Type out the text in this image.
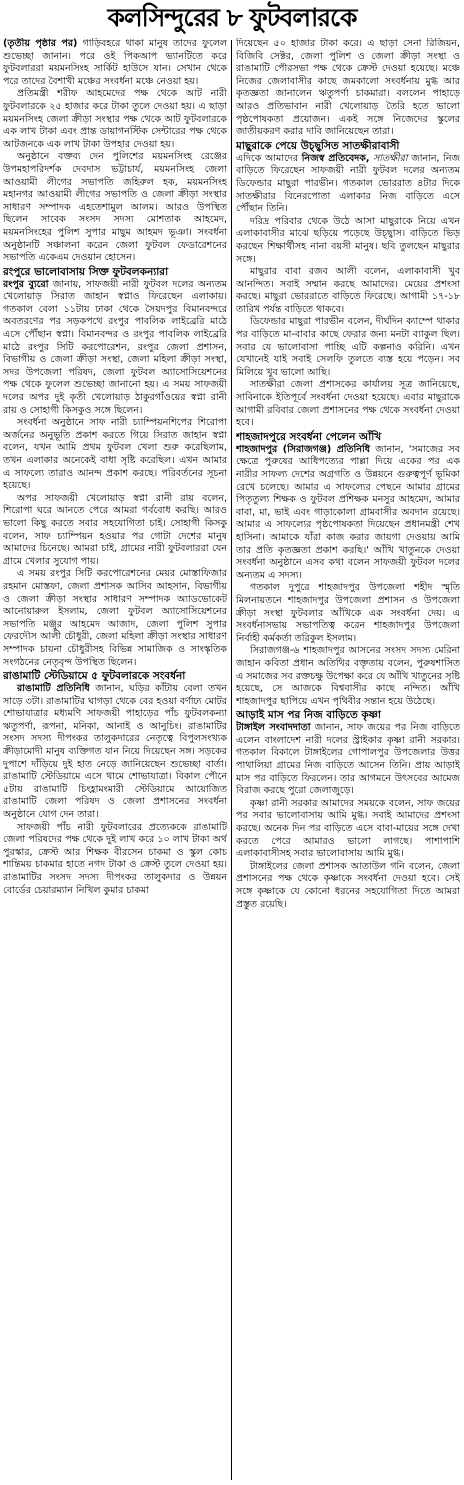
কলসিন্দুরের ৮ ফুটবলারকে

(তৃতীয় পৃষ্ঠার পর) গাড়িবহরে থাকা মানুষ তাদের ফুলেল শুভেচ্ছা জানান। পরে ওই পিকআপ ভ্যানটিতে করে ফুটবলাররা ময়মনসিংহ সার্কিট হাউসে যান। সেখান থেকে পরে তাদের বৈশাখী মঞ্চের সংবর্ধনা মঞ্চে নেওয়া হয়।

প্রতিমন্ত্রী শরীফ আহমেদের পক্ষ থেকে আট নারী ফুটবলারকে ২৫ হাজার করে টাকা তুলে দেওয়া হয়। এ ছাড়া ময়মনসিংহ জেলা ক্রীড়া সংস্থার পক্ষ থেকে আট ফুটবলারকে এক লাখ টাকা এবং প্রান্ত ডায়াগনস্টিক সেন্টারের পক্ষ থেকে আটজনকে এক লাখ টাকা উপহার দেওয়া হয়।

অনুষ্ঠানে বক্তব্য দেন পুলিশের ময়মনসিংহ রেঞ্জের উপমহাপরিদর্শক দেবদাস ভট্টাচার্য, ময়মনসিংহ জেলা আওয়ামী লীগের সভাপতি জহিরুল হক, ময়মনসিংহ মহানগর আওয়ামী লীগের সভাপতি ও জেলা ক্রীড়া সংস্থার সাধারণ সম্পাদক এহতেশামুল আলম। আরও উপস্থিত ছিলেন সাবেক সংসদ সদস্য মোশতাক আহমেদ, ময়মনসিংহের পুলিশ সুপার মাছুম আহমদ ভূঞা। সংবর্ধনা অনুষ্ঠানটি সঞ্চালনা করেন জেলা ফুটবল ফেডারেশনের সভাপতি একেএম দেওয়ান হোসেন।

রংপুরে ভালোবাসায় সিক্ত ফুটবলকন্যারা

রংপুর ব্যুরো জানায়, সাফজয়ী নারী ফুটবল দলের অন্যতম খেলোয়াড় সিরাত জাহান স্বপ্নাও ফিরেছেন এলাকায়। গতকাল বেলা ১১টায় ঢাকা থেকে সৈয়দপুর বিমানবন্দরে অবতরণের পর সড়কপথে রংপুর পাবলিক লাইব্রেরি মাঠে এসে পৌঁছান স্বপ্না। বিমানবন্দর ও রংপুর পাবলিক লাইব্রেরি মাঠে রংপুর সিটি করপোরেশন, রংপুর জেলা প্রশাসন, বিভাগীয় ও জেলা ক্রীড়া সংস্থা, জেলা মহিলা ক্রীড়া সংস্থা, সদর উপজেলা পরিষদ, জেলা ফুটবল অ্যাসোসিয়েশনের পক্ষ থেকে ফুলেল শুভেচ্ছা জানানো হয়। এ সময় সাফজয়ী দলের অপর দুই কৃতী খেলোয়াড় ঠাকুরগাঁওয়ের স্বপ্না রানী রায় ও সোহাগী কিসকুও সঙ্গে ছিলেন।

সংবর্ধনা অনুষ্ঠানে সাফ নারী চ্যাম্পিয়নশিপের শিরোপা অর্জনের অনুভূতি প্রকাশ করতে গিয়ে সিরাত জাহান স্বপ্না বলেন, যখন আমি প্রথম ফুটবল খেলা শুরু করেছিলাম, তখন এলাকার অনেকেই বাধা সৃষ্টি করেছিল। এখন আমার এ সাফল্যে তারাও আনন্দ প্রকাশ করছে। পরিবর্তনের সূচনা হয়েছে।

অপর সাফজয়ী খেলোয়াড় স্বপ্না রানী রায় বলেন, শিরোপা ঘরে আনতে পেরে আমরা গর্ববোধ করছি। আরও ভালো কিছু করতে সবার সহযোগিতা চাই। সোহাগী কিসকু বলেন, সাফ চ্যাম্পিয়ন হওয়ার পর গোটা দেশের মানুষ আমাদের চিনেছে। আমরা চাই, গ্রামের নারী ফুটবলাররা যেন গ্রামে খেলার সুযোগ পায়।

এ সময় রংপুর সিটি করপোরেশনের মেয়র মোস্তাফিজার রহমান মোস্তফা, জেলা প্রশাসক আসিব আহসান, বিভাগীয় ও জেলা ক্রীড়া সংস্থার সাধারণ সম্পাদক অ্যাডভোকেট আনোয়ারুল ইসলাম, জেলা ফুটবল অ্যাসোসিয়েশনের সভাপতি মঞ্জুর আহমেদ আজাদ, জেলা পুলিশ সুপার ফেরদৌস আলী চৌধুরী, জেলা মহিলা ক্রীড়া সংস্থার সাধারণ সম্পাদক চায়না চৌধুরীসহ বিভিন্ন সামাজিক ও সাংস্কৃতিক সংগঠনের নেতৃবৃন্দ উপস্থিত ছিলেন।

রাঙামাটি স্টেডিয়ামে ৫ ফুটবলারকে সংবর্ধনা

রাঙামাটি প্রতিনিধি জানান, ঘড়ির কাঁটায় বেলা তখন সাড়ে ৩টা। রাঙামাটির ঘাগড়া থেকে বের হওয়া বর্ণাঢ্য মোটর শোভাযাত্রার মধ্যমণি সাফজয়ী পাহাড়ের পাঁচ ফুটবলকন্যা ঋতুপর্ণা, রূপনা, মনিকা, আনাই ও আনুচিং। রাঙামাটির সংসদ সদস্য দীপংকর তালুকদারের নেতৃত্বে বিপুলসংখ্যক ক্রীড়ামোদী মানুষ ব্যক্তিগত যান নিয়ে দিয়েছেন সঙ্গ। সড়কের দুপাশে দাঁড়িয়ে দুই হাত নেড়ে জানিয়েছেন শুভেচ্ছা বার্তা। রাঙামাটি স্টেডিয়ামে এসে থামে শোভাযাত্রা। বিকাল পৌনে ৫টায় রাঙামাটি চিংহ্লামংমারী স্টেডিয়ামে আয়োজিত রাঙামাটি জেলা পরিষদ ও জেলা প্রশাসনের সংবর্ধনা অনুষ্ঠানে যোগ দেন তারা।

সাফজয়ী পাঁচ নারী ফুটবলারের প্রত্যেককে রাঙামাটি জেলা পরিষদের পক্ষ থেকে দুই লাখ করে ১০ লাখ টাকা অর্থ পুরস্কার, ক্রেস্ট আর শিক্ষক বীরসেন চাকমা ও স্কুল কোচ শান্তিময় চাকমার হাতে নগদ টাকা ও ক্রেস্ট তুলে দেওয়া হয়। রাঙামাটির সংসদ সদস্য দীপংকর তালুকদার ও উন্নয়ন বোর্ডের চেয়ারম্যান নিখিল কুমার চাকমা

দিয়েছেন ৫০ হাজার টাকা করে। এ ছাড়া সেনা রিজিয়ন, বিজিবি সেক্টর, জেলা পুলিশ ও জেলা ক্রীড়া সংস্থা ও রাঙামাটি পৌরসভা পক্ষ থেকে ক্রেস্ট দেওয়া হয়েছে। মঞ্চে নিজের জেলাবাসীর কাছে জমকালো সংবর্ধনায় মুগ্ধ আর কৃতজ্ঞতা জানালেন ঋতুপর্ণা চাকমারা। বললেন পাহাড়ে আরও প্রতিভাবান নারী খেলোয়াড় তৈরি হতে ভালো পৃষ্ঠপোষকতা প্রয়োজন। একই সঙ্গে নিজেদের স্কুলের জাতীয়করণ করার দাবি জানিয়েছেন তারা।

মাছুরাকে পেয়ে উচ্ছ্বসিত সাতক্ষীরাবাসী

এদিকে আমাদের নিজস্ব প্রতিবেদক, সাতক্ষীরা জানান, নিজ বাড়িতে ফিরেছেন সাফজয়ী নারী ফুটবল দলের অন্যতম ডিফেন্ডার মাছুরা পারভীন। গতকাল ভোররাত ৪টার দিকে সাতক্ষীরার বিনেরপোতা এলাকার নিজ বাড়িতে এসে পৌঁছান তিনি।

দরিদ্র পরিবার থেকে উঠে আসা মাছুরাকে নিয়ে এখন এলাকাবাসীর মাঝে ছড়িয়ে পড়েছে উচ্ছ্বাস। বাড়িতে ভিড় করছেন শিক্ষার্থীসহ নানা বয়সী মানুষ। ছবি তুলছেন মাছুরার সঙ্গে।

মাছুরার বাবা রজব আলী বলেন, এলাকাবাসী খুব আনন্দিত। সবাই সম্মান করছে আমাদের। মেয়ের প্রশংসা করছে। মাছুরা ভোররাতে বাড়িতে ফিরেছে। আগামী ১৭-১৮ তারিখ পর্যন্ত বাড়িতে থাকবে।

ডিফেন্ডার মাছুরা পারভীন বলেন, দীর্ঘদিন ক্যাম্পে থাকার পর বাড়িতে মা-বাবার কাছে ফেরার জন্য মনটা ব্যাকুল ছিল। সবার যে ভালোবাসা পাচ্ছি এটি কল্পনাও করিনি। এখন যেখানেই যাই সবাই সেলফি তুলতে ব্যস্ত হয়ে পড়েন। সব মিলিয়ে খুব ভালো আছি।

সাতক্ষীরা জেলা প্রশাসকের কার্যালয় সূত্র জানিয়েছে, সাবিনাকে ইতিপূর্বে সংবর্ধনা দেওয়া হয়েছে। এবার মাছুরাকে আগামী রবিবার জেলা প্রশাসনের পক্ষ থেকে সংবর্ধনা দেওয়া হবে।

শাহজাদপুরে সংবর্ধনা পেলেন আঁখি

শাহজাদপুর (সিরাজগঞ্জ) প্রতিনিধি জানান, 'সমাজের সব ক্ষেত্রে পুরুষের আধিপত্যের পাল্লা দিয়ে একের পর এক নারীর সাফল্য দেশের অগ্রগতি ও উন্নয়নে গুরুত্বপূর্ণ ভূমিকা রেখে চলেছে। আমার এ সাফল্যের পেছনে আমার গ্রামের পিতৃতুল্য শিক্ষক ও ফুটবল প্রশিক্ষক মনসুর আহমেদ, আমার বাবা, মা, ভাই এবং গাড়াকোলা গ্রামবাসীর অবদান রয়েছে। আমার এ সাফল্যের পৃষ্ঠপোষকতা দিয়েছেন প্রধানমন্ত্রী শেখ হাসিনা। আমাকে যাঁরা কাজ করার জায়গা দেওয়ায় আমি তার প্রতি কৃতজ্ঞতা প্রকাশ করছি।' আঁখি খাতুনকে দেওয়া সংবর্ধনা অনুষ্ঠানে এসব কথা বলেন সাফজয়ী ফুটবল দলের অন্যতম এ সদস্য।

গতকাল দুপুরে শাহজাদপুর উপজেলা শহীদ স্মৃতি মিলনায়তনে শাহজাদপুর উপজেলা প্রশাসন ও উপজেলা ক্রীড়া সংস্থা ফুটবলার আঁখিকে এক সংবর্ধনা দেয়। এ সংবর্ধনাসভায় সভাপতিত্ব করেন শাহজাদপুর উপজেলা নির্বাহী কর্মকর্তা তরিকুল ইসলাম।

সিরাজগঞ্জ-৬ শাহজাদপুর আসনের সংসদ সদস্য মেরিনা জাহান কবিতা প্রধান অতিথির বক্তৃতায় বলেন, পুরুষশাসিত এ সমাজের সব রক্তচক্ষু উপেক্ষা করে যে আঁখি খাতুনের সৃষ্টি হয়েছে, সে আজকে বিশ্ববাসীর কাছে নন্দিত। আঁখি শাহজাদপুর ছাপিয়ে এখন পৃথিবীর সন্তান হয়ে উঠেছে।

আড়াই মাস পর নিজ বাড়িতে কৃষ্ণা

টাঙ্গাইল সংবাদদাতা জানান, সাফ জয়ের পর নিজ বাড়িতে এলেন বাংলাদেশ নারী দলের স্ট্রাইকার কৃষ্ণা রানী সরকার। গতকাল বিকালে টাঙ্গাইলের গোপালপুর উপজেলার উত্তর পাথালিয়া গ্রামের নিজ বাড়িতে আসেন তিনি। প্রায় আড়াই মাস পর বাড়িতে ফিরলেন। তার আগমনে উৎসবের আমেজ বিরাজ করছে পুরো জেলাজুড়ে।

কৃষ্ণা রানী সরকার আমাদের সময়কে বলেন, সাফ জয়ের পর সবার ভালোবাসায় আমি মুগ্ধ। সবাই আমাদের প্রশংসা করছে। অনেক দিন পর বাড়িতে এসে বাবা-মায়ের সঙ্গে দেখা করতে পেরে আমারও ভালো লাগছে। পাশাপাশি এলাকাবাসীসহ সবার ভালোবাসায় আমি মুগ্ধ।

টাঙ্গাইলের জেলা প্রশাসক আতাউল গনি বলেন, জেলা প্রশাসনের পক্ষ থেকে কৃষ্ণাকে সংবর্ধনা দেওয়া হবে। সেই সঙ্গে কৃষ্ণাকে যে কোনো ধরনের সহযোগিতা দিতে আমরা প্রস্তুত রয়েছি।
